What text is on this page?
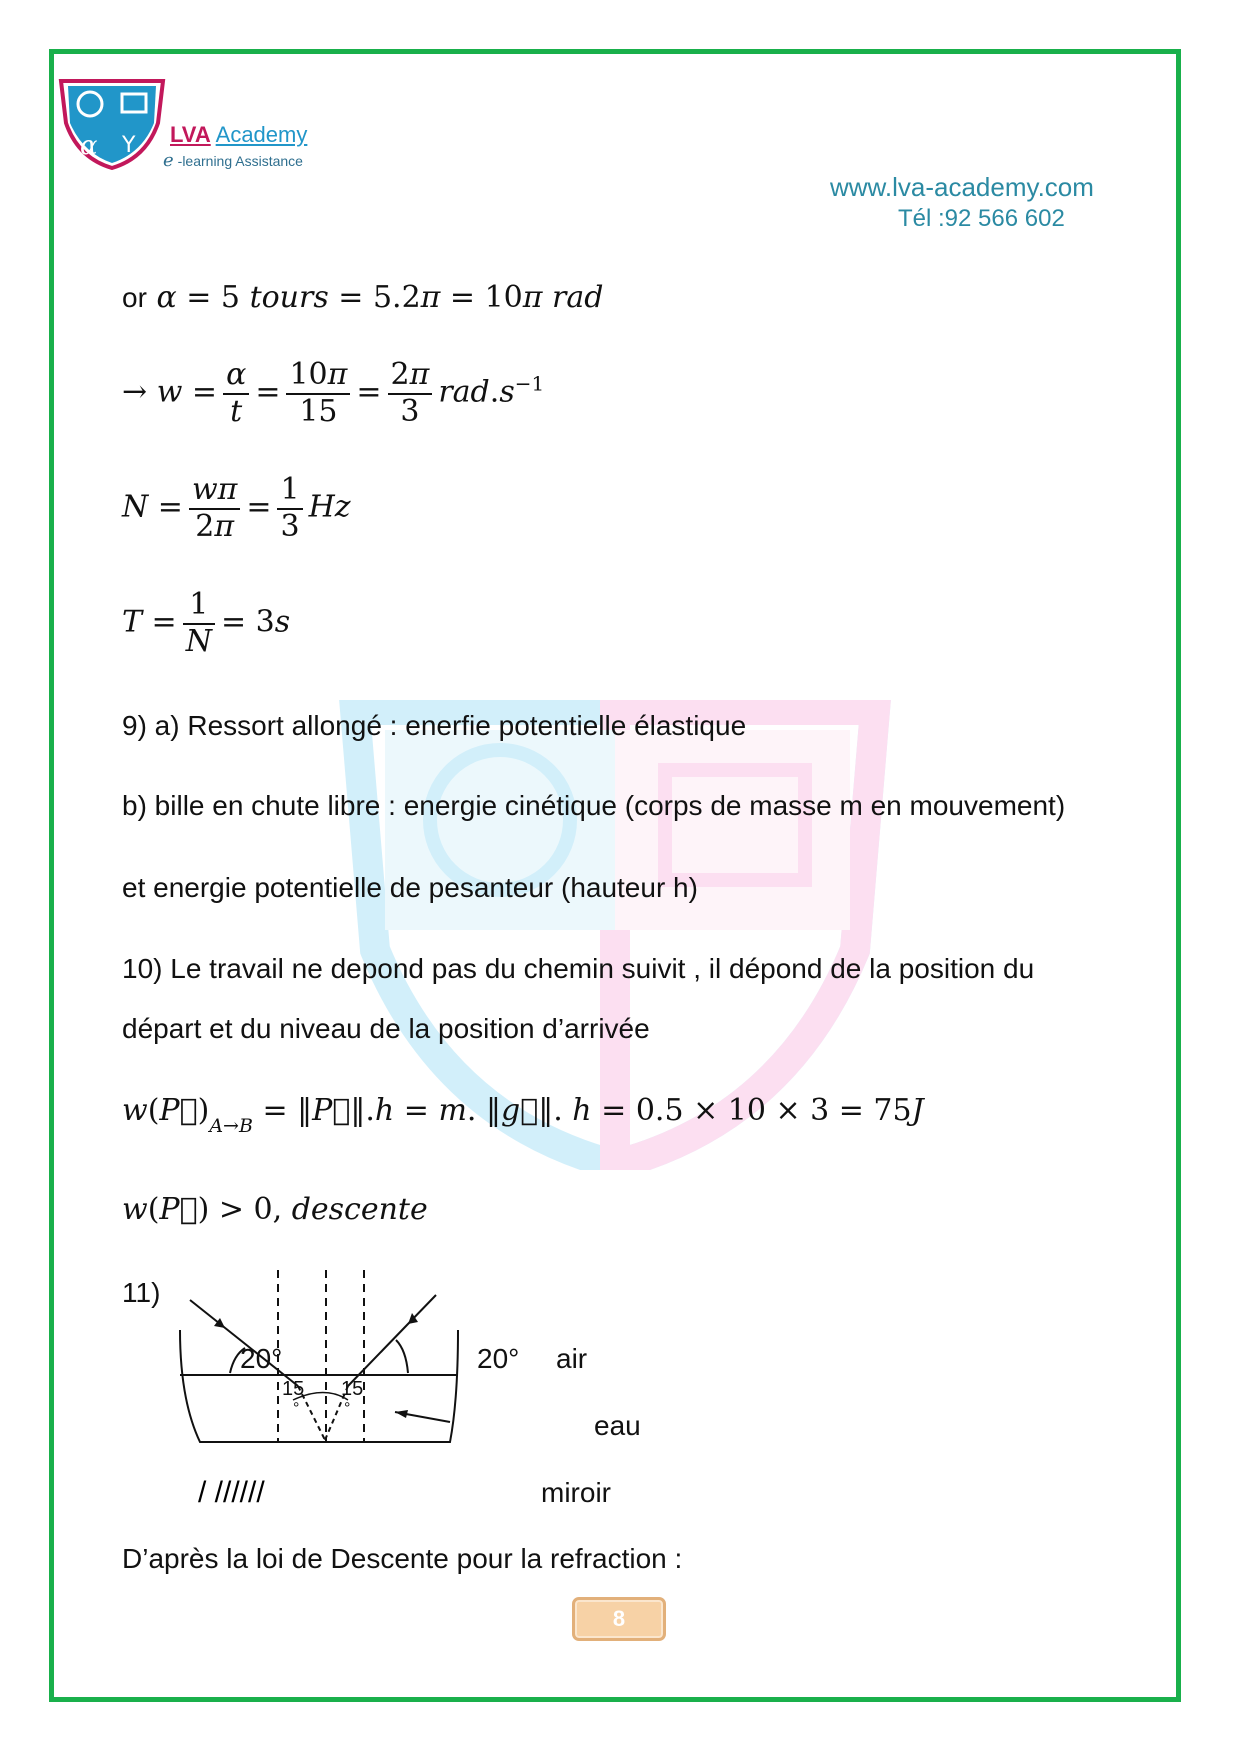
α Y LVA Academy
e -learning Assistance
www.lva-academy.com
Tél :92 566 602
or α = 5 tours = 5.2π = 10π rad
→ $w = \frac{\alpha}{t} = \frac{10\pi}{15} = \frac{2\pi}{3} rad.s^{-1}$
$N = \frac{w\pi}{2\pi} = \frac{1}{3}$ Hz
$T = \frac{1}{N} = 3s$
9) a) Ressort allongé : enerfie potentielle élastique
b) bille en chute libre : energie cinétique (corps de masse m en mouvement)
et energie potentielle de pesanteur (hauteur h)
10) Le travail ne depond pas du chemin suivit , il dépond de la position du
départ et du niveau de la position d’arrivée
$w(P⃗)_{A\to B}$ = ‖P⃗‖.h = m. ‖g⃗‖. h = 0.5 × 10 × 3 = 75J
w(P⃗) > 0, descente
11)
/ //////
20°	20°
15
°
15
°
air
eau
miroir
D’après la loi de Descente pour la refraction :
8
